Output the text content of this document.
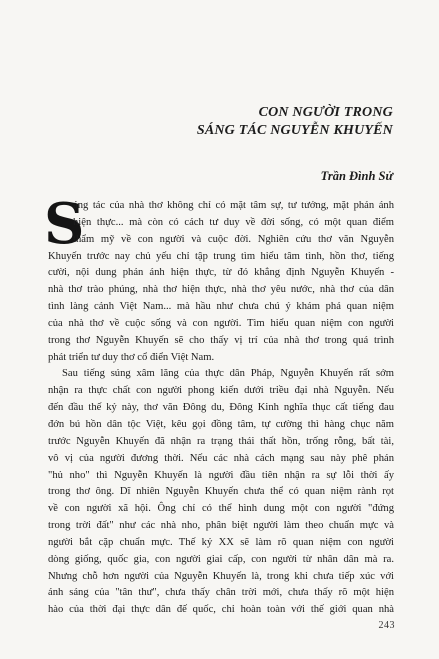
CON NGƯỜI TRONG
SÁNG TÁC NGUYỄN KHUYẾN
Trần Đình Sử
S
áng tác của nhà thơ không chỉ có mặt tâm sự, tư tưởng, mặt phản ánh
hiện thực... mà còn có cách tư duy về đời sống, có một quan điểm
thẩm mỹ về con người và cuộc đời. Nghiên cứu thơ văn Nguyễn
Khuyến trước nay chủ yếu chỉ tập trung tìm hiểu tâm tình, hồn thơ, tiếng
cười, nội dung phản ánh hiện thực, từ đó khẳng định Nguyễn Khuyến -
nhà thơ trào phúng, nhà thơ hiện thực, nhà thơ yêu nước, nhà thơ của dân
tình làng cảnh Việt Nam... mà hầu như chưa chú ý khám phá quan niệm
của nhà thơ về cuộc sống và con người. Tìm hiểu quan niệm con người
trong thơ Nguyễn Khuyến sẽ cho thấy vị trí của nhà thơ trong quá trình
phát triển tư duy thơ cổ điển Việt Nam.
Sau tiếng súng xâm lăng của thực dân Pháp, Nguyễn Khuyến rất sớm
nhận ra thực chất con người phong kiến dưới triều đại nhà Nguyễn. Nếu
đến đầu thế kỷ này, thơ văn Đông du, Đông Kinh nghĩa thục cất tiếng đau
đớn bú hồn dân tộc Việt, kêu gọi đồng tâm, tự cường thì hàng chục năm
trước Nguyễn Khuyến đã nhận ra trạng thái thất hồn, trống rỗng, bất tài,
vô vị của người đương thời. Nếu các nhà cách mạng sau này phê phán
"hủ nho" thì Nguyễn Khuyến là người đầu tiên nhận ra sự lỗi thời ấy
trong thơ ông. Dĩ nhiên Nguyễn Khuyến chưa thể có quan niệm rành rọt
về con người xã hội. Ông chỉ có thể hình dung một con người "đứng
trong trời đất" như các nhà nho, phân biệt người làm theo chuẩn mực và
người bắt cặp chuẩn mực. Thế kỷ XX sẽ làm rõ quan niệm con người
dòng giống, quốc gia, con người giai cấp, con người từ nhân dân mà ra.
Nhưng chỗ hơn người của Nguyễn Khuyến là, trong khi chưa tiếp xúc với
ánh sáng của "tân thư", chưa thấy chân trời mới, chưa thấy rõ một hiện
hào của thời đại thực dân đế quốc, chỉ hoàn toàn với thế giới quan nhà
243
